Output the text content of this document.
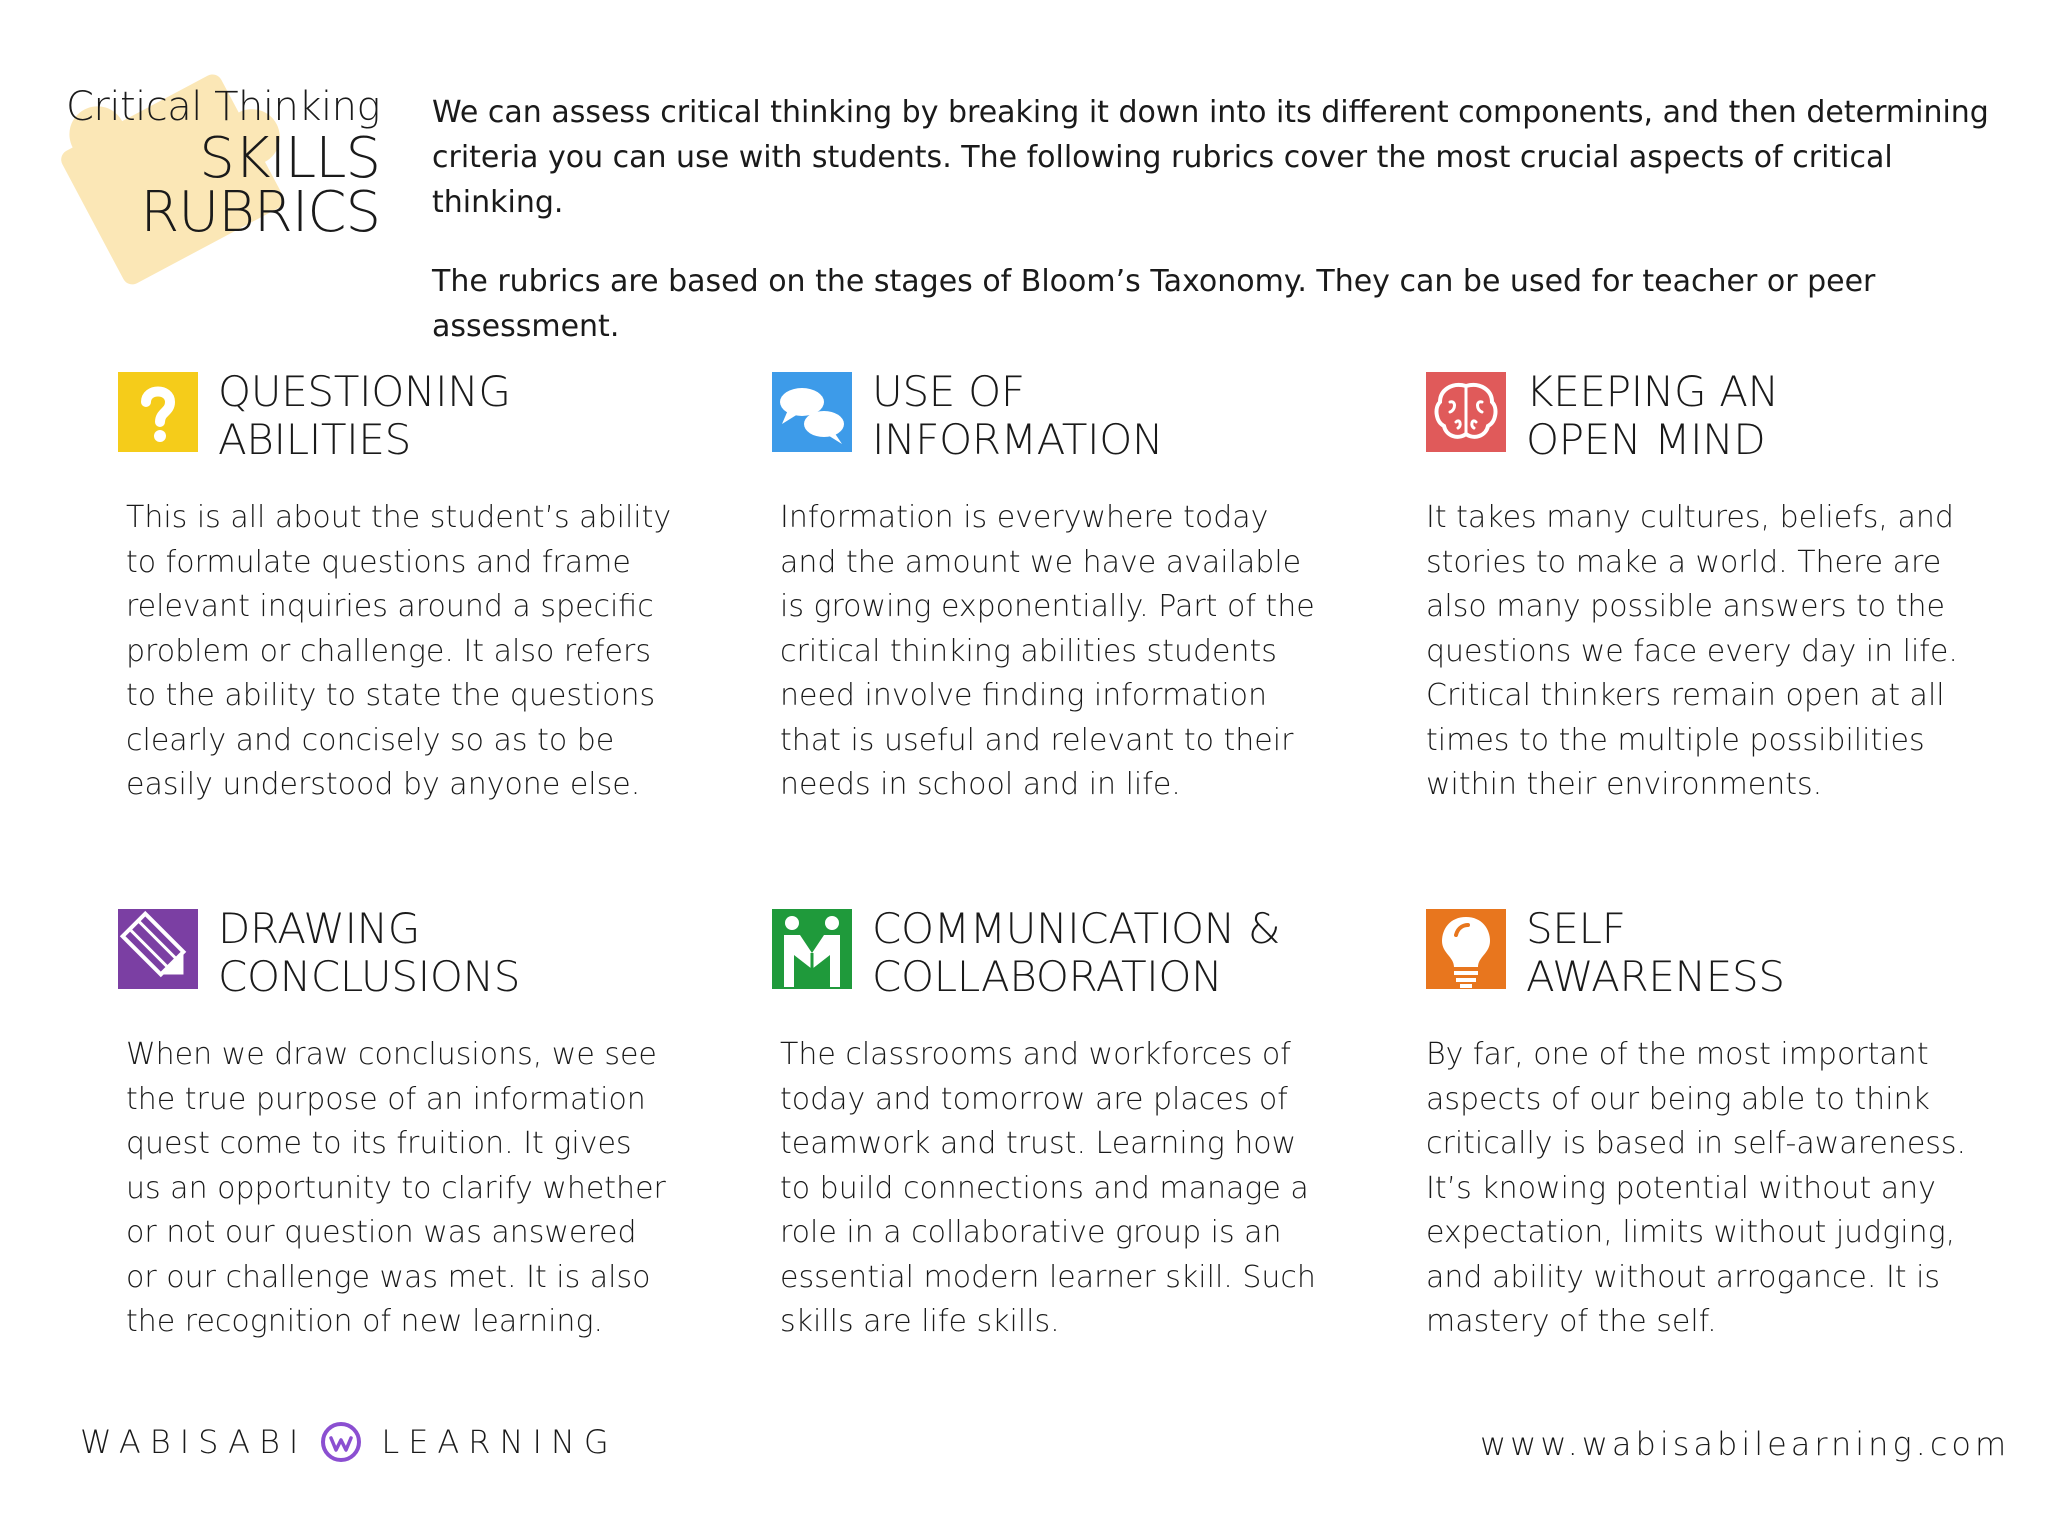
Critical Thinking
SKILLS
RUBRICS

We can assess critical thinking by breaking it down into its different components, and then determining
criteria you can use with students. The following rubrics cover the most crucial aspects of critical thinking.

The rubrics are based on the stages of Bloom’s Taxonomy. They can be used for teacher or peer assessment.

QUESTIONING
ABILITIES
This is all about the student’s ability
to formulate questions and frame
relevant inquiries around a specific
problem or challenge. It also refers
to the ability to state the questions
clearly and concisely so as to be
easily understood by anyone else.
USE OF
INFORMATION
Information is everywhere today
and the amount we have available
is growing exponentially. Part of the
critical thinking abilities students
need involve finding information
that is useful and relevant to their
needs in school and in life.
KEEPING AN
OPEN MIND
It takes many cultures, beliefs, and
stories to make a world. There are
also many possible answers to the
questions we face every day in life.
Critical thinkers remain open at all
times to the multiple possibilities
within their environments.
DRAWING
CONCLUSIONS
When we draw conclusions, we see
the true purpose of an information
quest come to its fruition. It gives
us an opportunity to clarify whether
or not our question was answered
or our challenge was met. It is also
the recognition of new learning.
COMMUNICATION &
COLLABORATION
The classrooms and workforces of
today and tomorrow are places of
teamwork and trust. Learning how
to build connections and manage a
role in a collaborative group is an
essential modern learner skill. Such
skills are life skills.
SELF
AWARENESS
By far, one of the most important
aspects of our being able to think
critically is based in self-awareness.
It’s knowing potential without any
expectation, limits without judging,
and ability without arrogance. It is
mastery of the self.
WABISABI LEARNING	www.wabisabilearning.com
